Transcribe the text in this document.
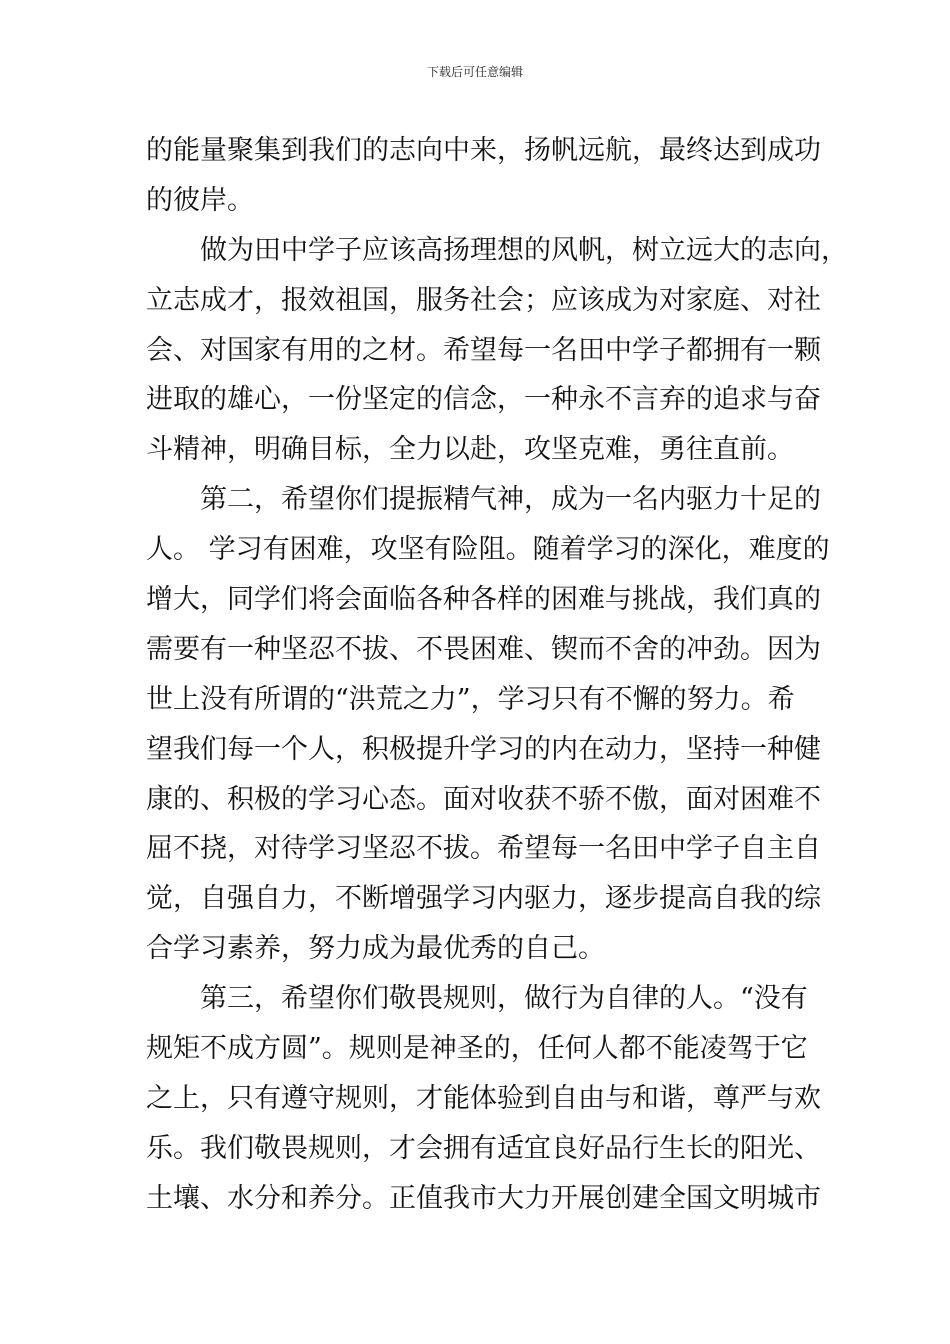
下载后可任意编辑
的能量聚集到我们的志向中来，扬帆远航，最终达到成功
的彼岸。
　　做为田中学子应该高扬理想的风帆，树立远大的志向，
立志成才，报效祖国，服务社会；应该成为对家庭、对社
会、对国家有用的之材。希望每一名田中学子都拥有一颗
进取的雄心，一份坚定的信念，一种永不言弃的追求与奋
斗精神，明确目标，全力以赴，攻坚克难，勇往直前。
　　第二，希望你们提振精气神，成为一名内驱力十足的
人。 学习有困难，攻坚有险阻。随着学习的深化，难度的
增大，同学们将会面临各种各样的困难与挑战，我们真的
需要有一种坚忍不拔、不畏困难、锲而不舍的冲劲。因为
世上没有所谓的“洪荒之力”，学习只有不懈的努力。希
望我们每一个人，积极提升学习的内在动力，坚持一种健
康的、积极的学习心态。面对收获不骄不傲，面对困难不
屈不挠，对待学习坚忍不拔。希望每一名田中学子自主自
觉，自强自力，不断增强学习内驱力，逐步提高自我的综
合学习素养，努力成为最优秀的自己。
　　第三，希望你们敬畏规则，做行为自律的人。“没有
规矩不成方圆”。规则是神圣的，任何人都不能凌驾于它
之上，只有遵守规则，才能体验到自由与和谐，尊严与欢
乐。我们敬畏规则，才会拥有适宜良好品行生长的阳光、
土壤、水分和养分。正值我市大力开展创建全国文明城市
